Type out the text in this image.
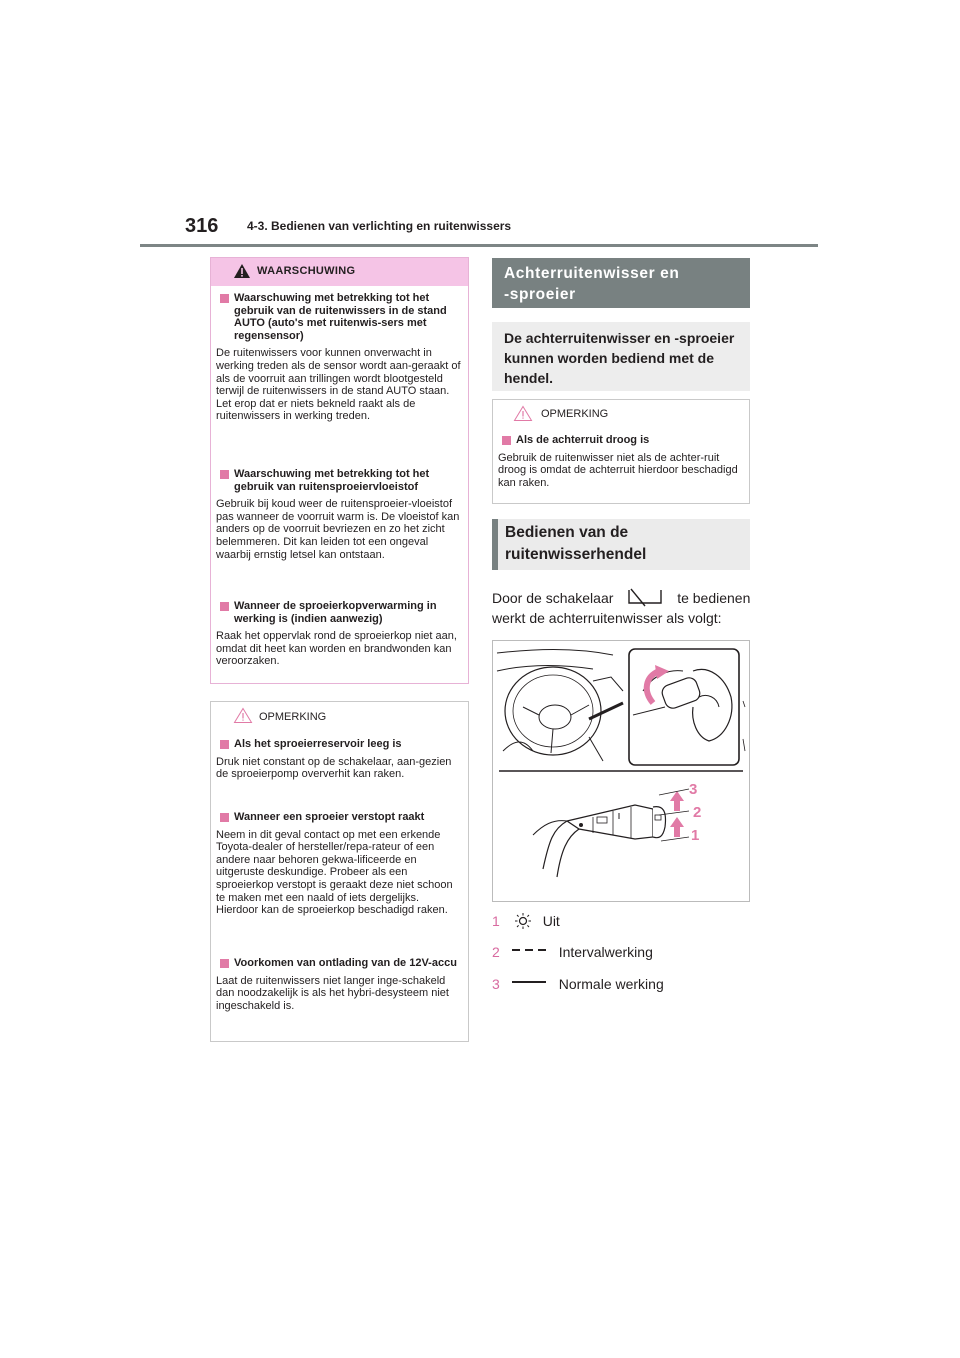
316 4-3. Bedienen van verlichting en ruitenwissers
WAARSCHUWING
Waarschuwing met betrekking tot het gebruik van de ruitenwissers in de stand AUTO (auto's met ruitenwis-sers met regensensor)
De ruitenwissers voor kunnen onverwacht in werking treden als de sensor wordt aan-geraakt of als de voorruit aan trillingen wordt blootgesteld terwijl de ruitenwissers in de stand AUTO staan. Let erop dat er niets bekneld raakt als de ruitenwissers in werking treden.
Waarschuwing met betrekking tot het gebruik van ruitensproeiervloeistof
Gebruik bij koud weer de ruitensproeier-vloeistof pas wanneer de voorruit warm is. De vloeistof kan anders op de voorruit bevriezen en zo het zicht belemmeren. Dit kan leiden tot een ongeval waarbij ernstig letsel kan ontstaan.
Wanneer de sproeierkopverwarming in werking is (indien aanwezig)
Raak het oppervlak rond de sproeierkop niet aan, omdat dit heet kan worden en brandwonden kan veroorzaken.
OPMERKING
Als het sproeierreservoir leeg is
Druk niet constant op de schakelaar, aan-gezien de sproeierpomp oververhit kan raken.
Wanneer een sproeier verstopt raakt
Neem in dit geval contact op met een erkende Toyota-dealer of hersteller/repa-rateur of een andere naar behoren gekwa-lificeerde en uitgeruste deskundige. Probeer als een sproeierkop verstopt is geraakt deze niet schoon te maken met een naald of iets dergelijks. Hierdoor kan de sproeierkop beschadigd raken.
Voorkomen van ontlading van de 12V-accu
Laat de ruitenwissers niet langer inge-schakeld dan noodzakelijk is als het hybri-desysteem niet ingeschakeld is.
Achterruitenwisser en
-sproeier
De achterruitenwisser en -sproeier kunnen worden bediend met de hendel.
OPMERKING
Als de achterruit droog is
Gebruik de ruitenwisser niet als de achter-ruit droog is omdat de achterruit hierdoor beschadigd kan raken.
Bedienen van de
ruitenwisserhendel
Door de schakelaar	te bedienen
werkt de achterruitenwisser als volgt:
3
2
1
1	Uit
2	Intervalwerking
3	Normale werking
